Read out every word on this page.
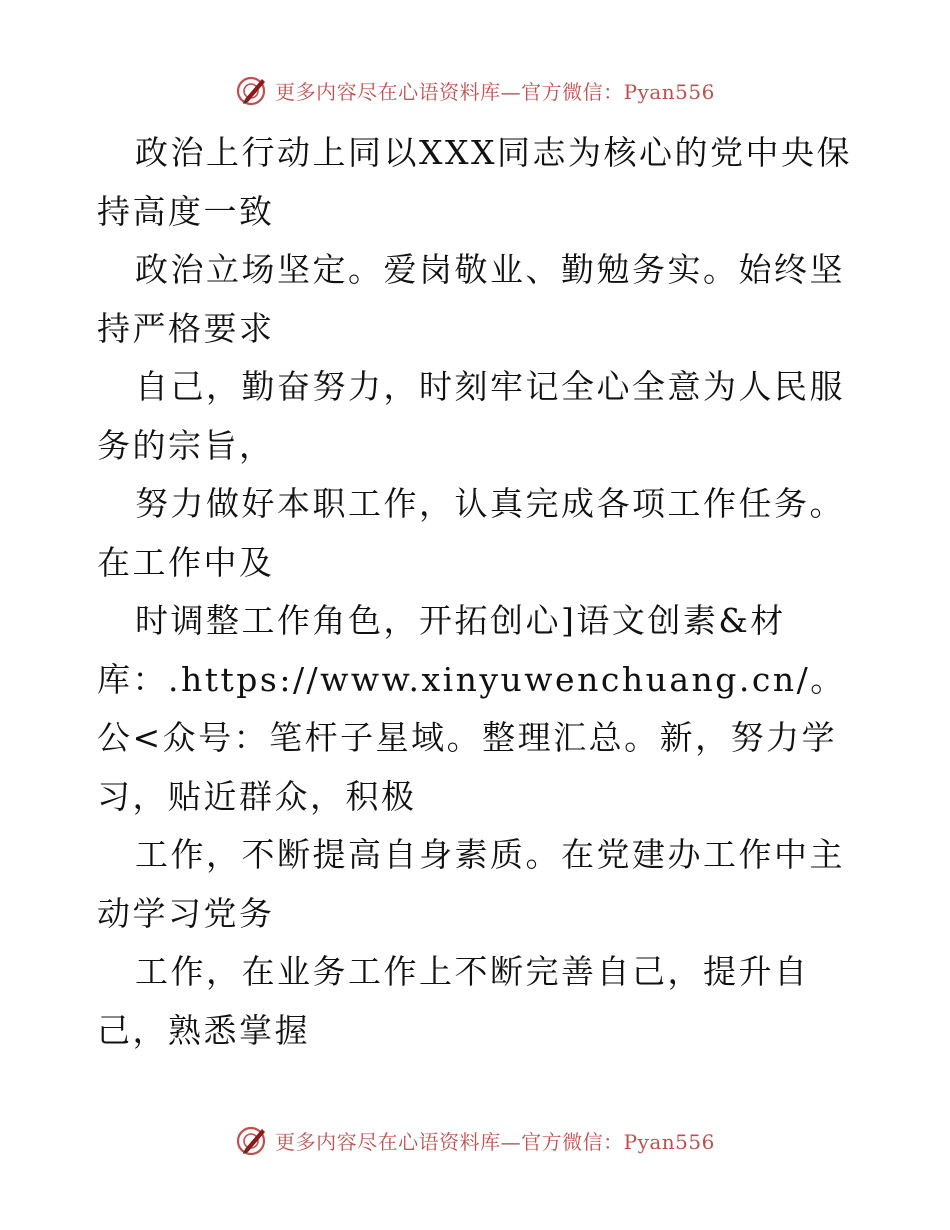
更多内容尽在心语资料库—官方微信：Pyan556

政治上行动上同以XXX同志为核心的党中央保持高度一致

政治立场坚定。爱岗敬业、勤勉务实。始终坚持严格要求

自己，勤奋努力，时刻牢记全心全意为人民服务的宗旨，

努力做好本职工作，认真完成各项工作任务。在工作中及

时调整工作角色，开拓创心]语文创素&材库：.https://www.xinyuwenchuang.cn/。公<众号：笔杆子星域。整理汇总。新，努力学习，贴近群众，积极

工作，不断提高自身素质。在党建办工作中主动学习党务

工作，在业务工作上不断完善自己，提升自己，熟悉掌握

更多内容尽在心语资料库—官方微信：Pyan556
